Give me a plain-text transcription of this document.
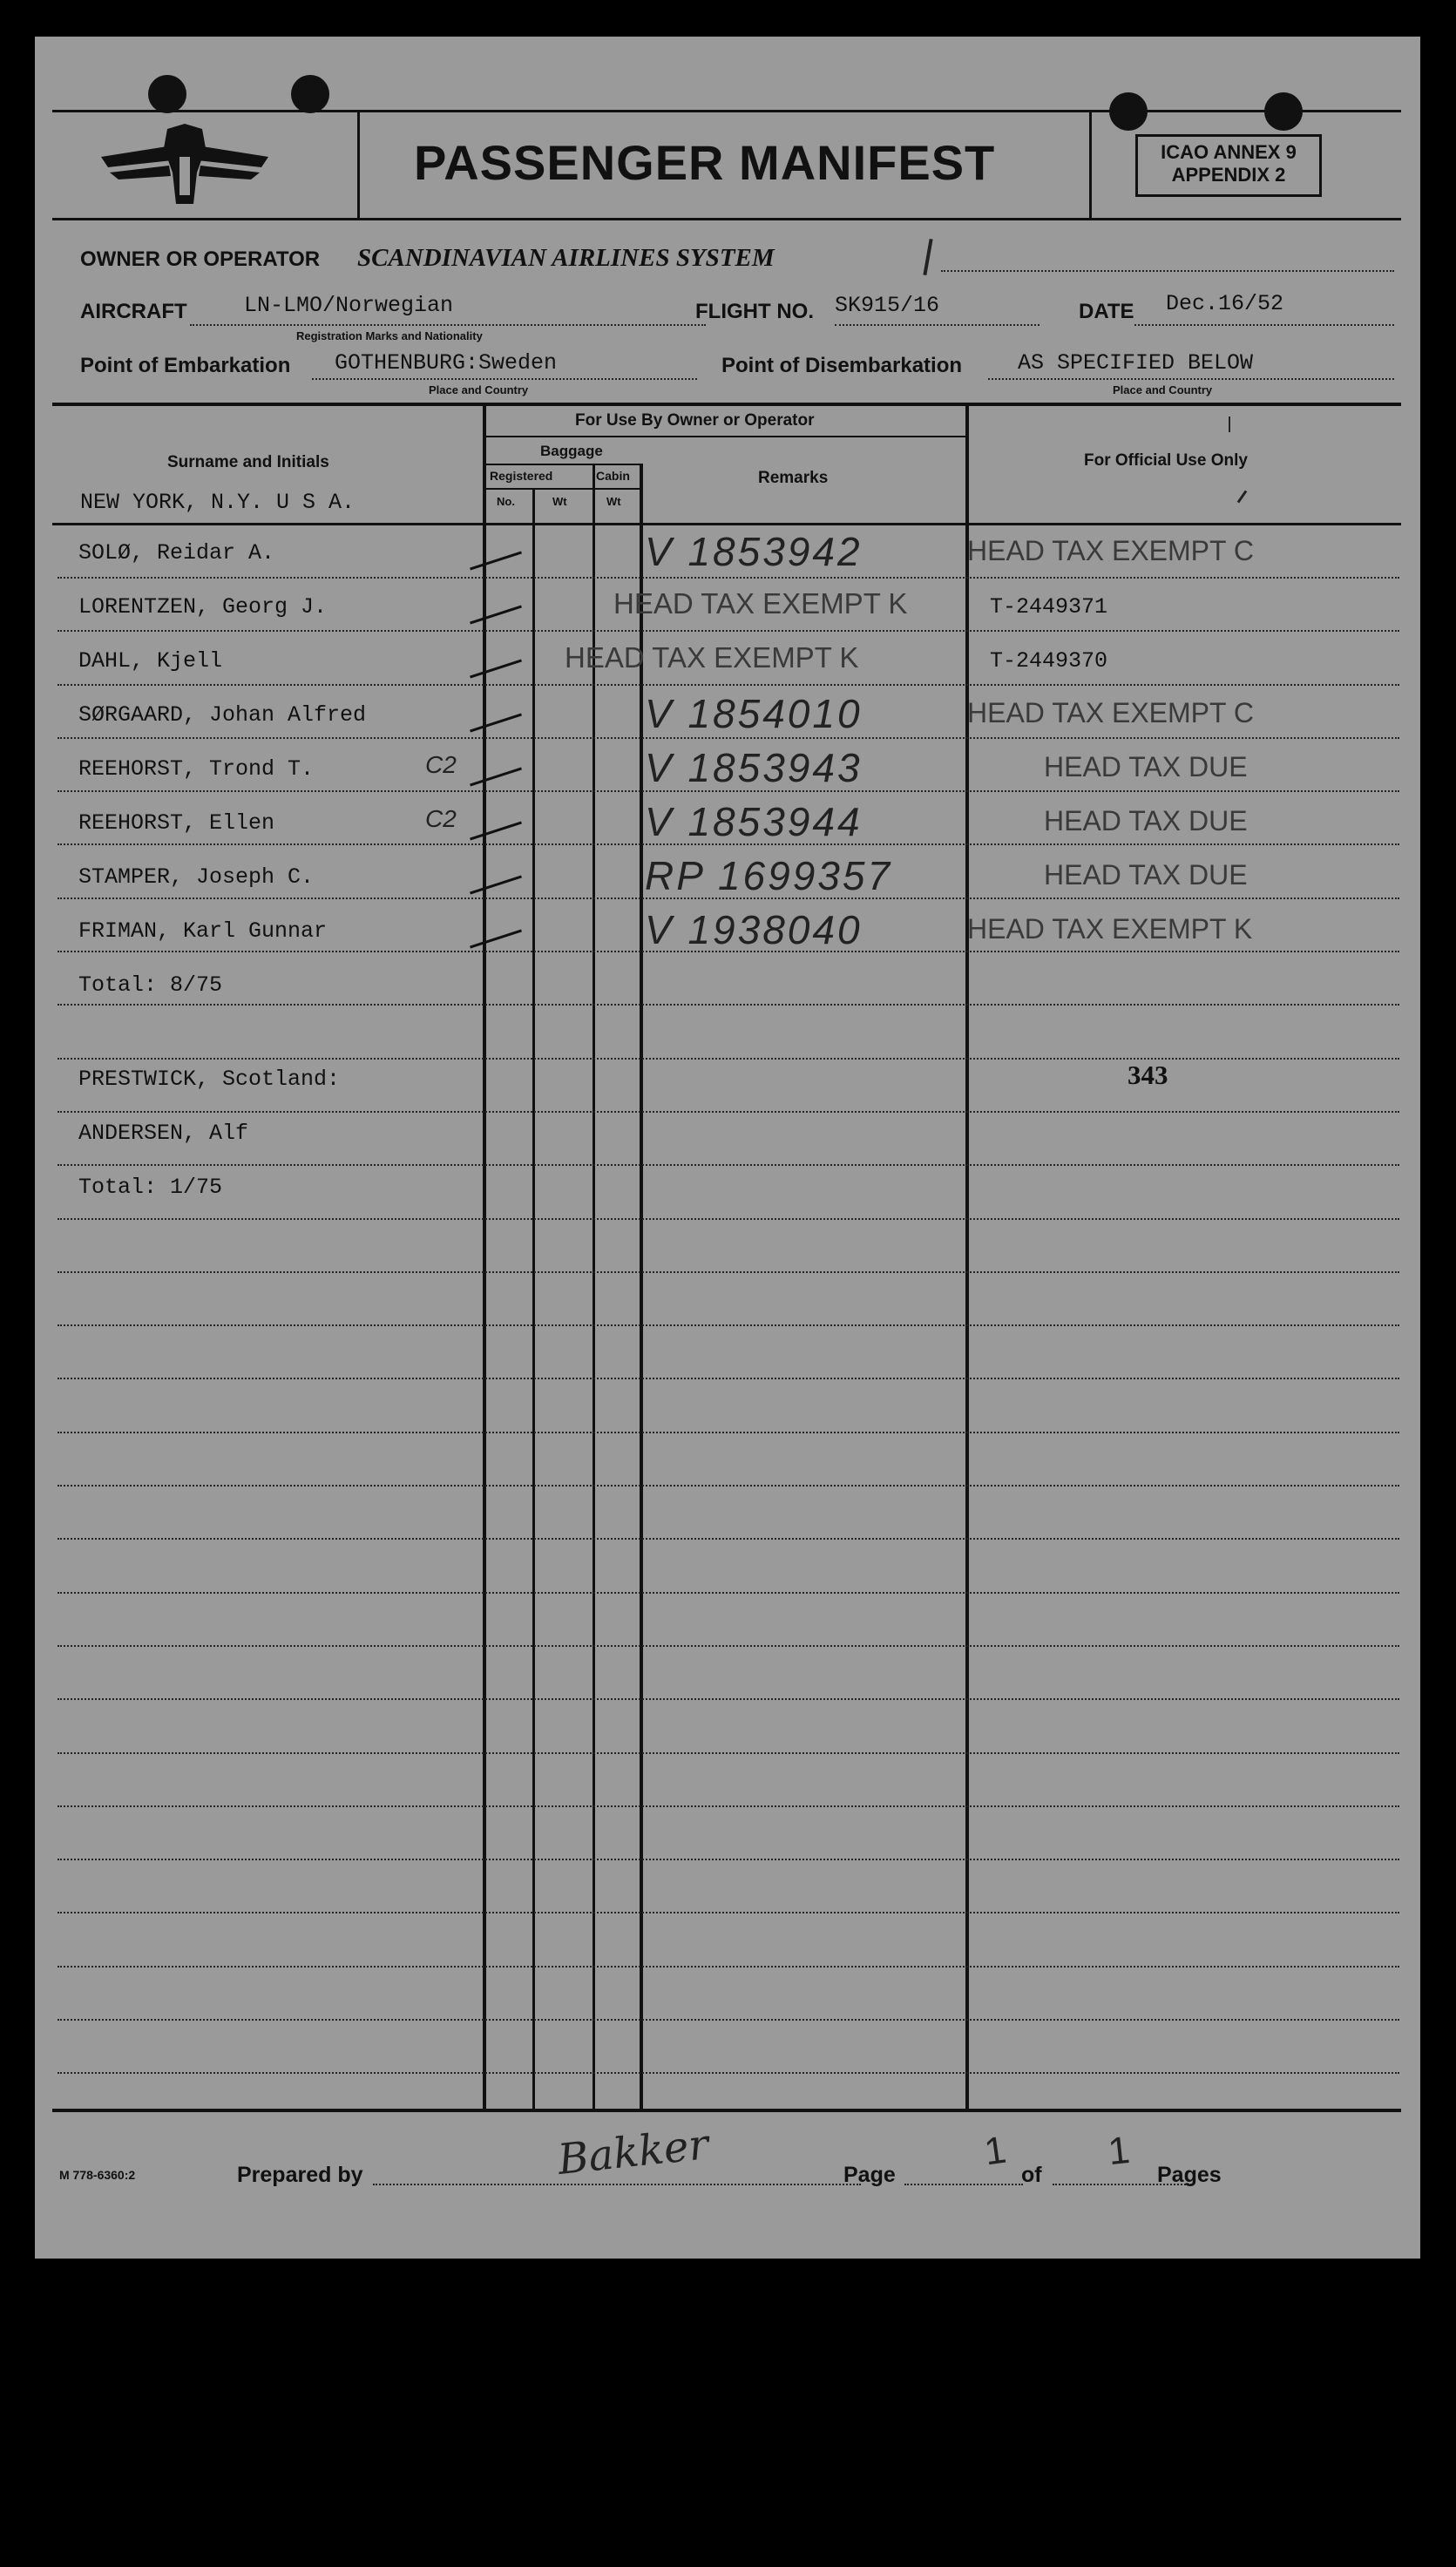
PASSENGER MANIFEST	ICAO ANNEX 9
APPENDIX 2
OWNER OR OPERATOR SCANDINAVIAN AIRLINES SYSTEM
AIRCRAFT	LN-LMO/Norwegian
Registration Marks and Nationality
FLIGHT NO. SK915/16	DATE Dec.16/52
Point of Embarkation GOTHENBURG:Sweden
Place and Country
Point of Disembarkation	AS SPECIFIED BELOW
Place and Country
Surname and Initials
For Use By Owner or Operator
Baggage
Registered	Cabin
No.	Wt	Wt
Remarks
For Official Use Only
NEW YORK, N.Y. U S A.
SOLØ, Reidar A.	V 1853942	HEAD TAX EXEMPT C
LORENTZEN, Georg J.	HEAD TAX EXEMPT K	T-2449371
DAHL, Kjell	HEAD TAX EXEMPT K	T-2449370
SØRGAARD, Johan Alfred	V 1854010	HEAD TAX EXEMPT C
REEHORST, Trond T.	C2	V 1853943	HEAD TAX DUE
REEHORST, Ellen	C2	V 1853944	HEAD TAX DUE
STAMPER, Joseph C.	RP 1699357	HEAD TAX DUE
FRIMAN, Karl Gunnar	V 1938040	HEAD TAX EXEMPT K
Total: 8/75
PRESTWICK, Scotland:	343
ANDERSEN, Alf
Total: 1/75
M 778-6360:2	Prepared by	Bakker	Page
1
of
1
Pages
